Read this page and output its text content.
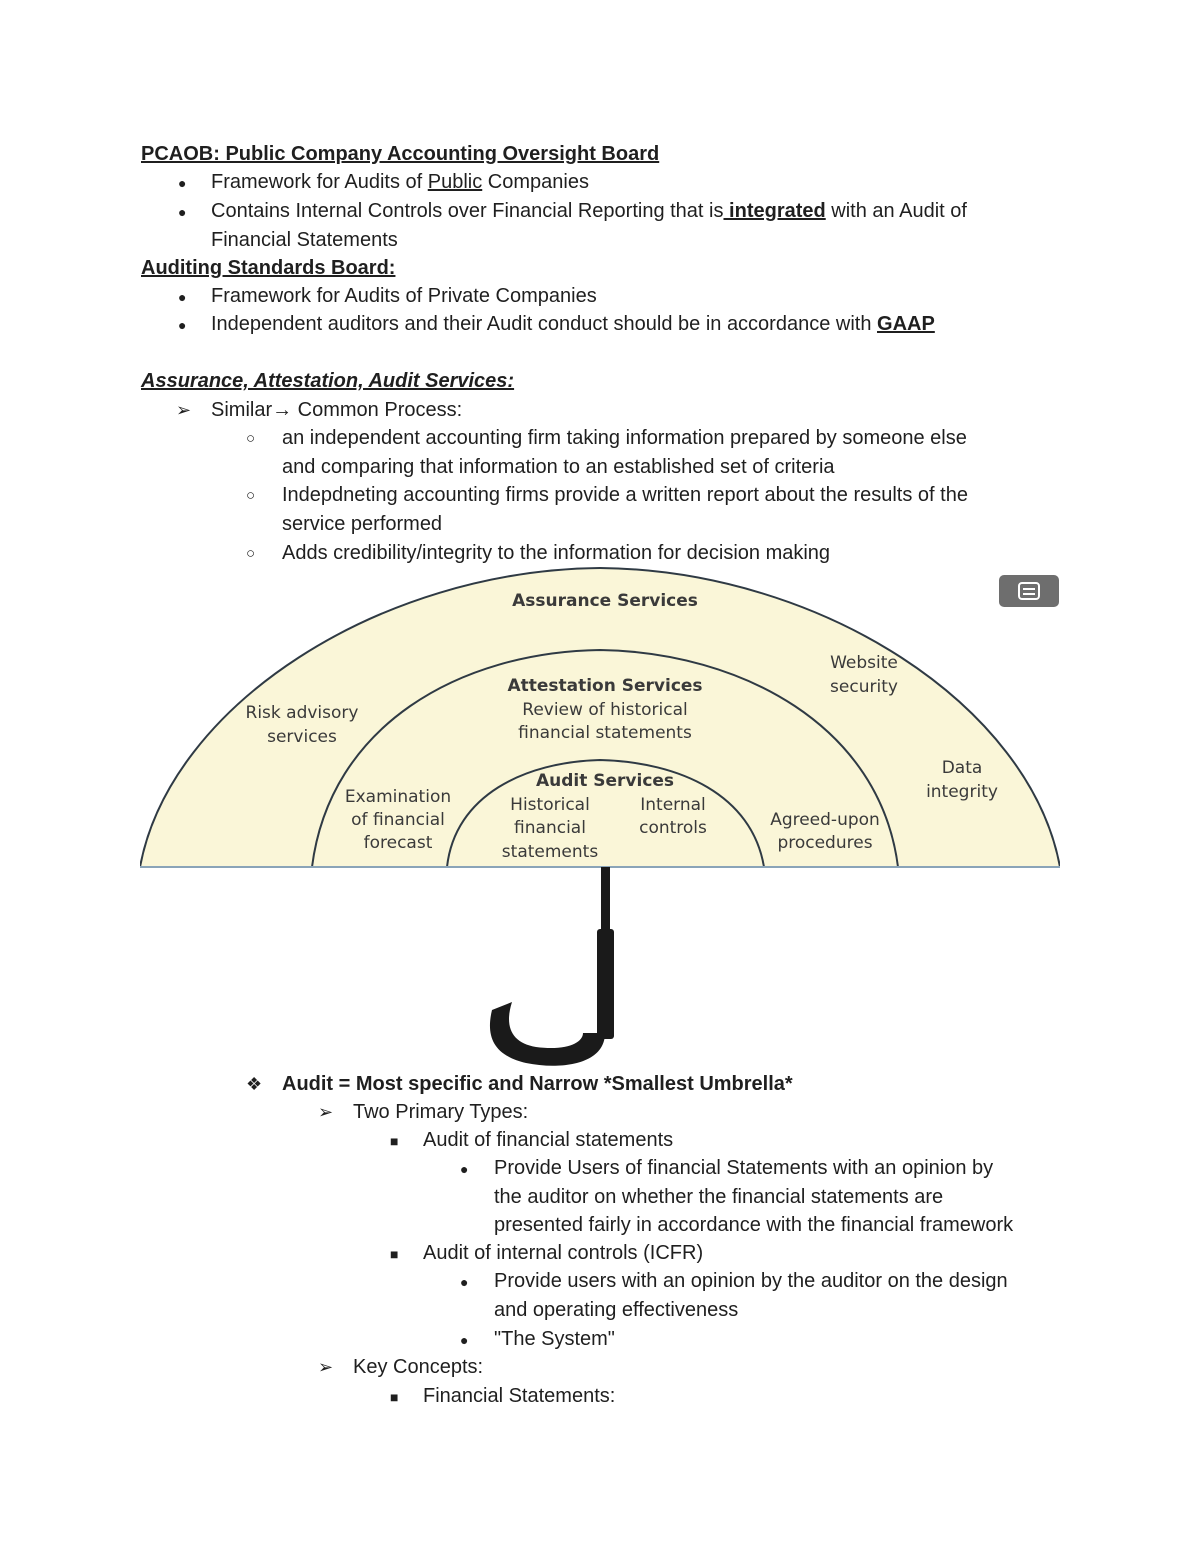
PCAOB: Public Company Accounting Oversight Board
● Framework for Audits of Public Companies
● Contains Internal Controls over Financial Reporting that is integrated with an Audit of
Financial Statements
Auditing Standards Board:
● Framework for Audits of Private Companies
● Independent auditors and their Audit conduct should be in accordance with GAAP
Assurance, Attestation, Audit Services:
➢ Similar→ Common Process:
○ an independent accounting firm taking information prepared by someone else
and comparing that information to an established set of criteria
○ Indepdneting accounting firms provide a written report about the results of the
service performed
○ Adds credibility/integrity to the information for decision making
Assurance Services
Risk advisory
services
Website
security
Data
integrity
Attestation Services
Review of historical
financial statements
Examination
of financial
forecast
Agreed-upon
procedures
Audit Services
Historical
financial
statements
Internal
controls
❖ Audit = Most specific and Narrow *Smallest Umbrella*
➢ Two Primary Types:
■ Audit of financial statements
● Provide Users of financial Statements with an opinion by
the auditor on whether the financial statements are
presented fairly in accordance with the financial framework
■ Audit of internal controls (ICFR)
● Provide users with an opinion by the auditor on the design
and operating effectiveness
● "The System"
➢ Key Concepts:
■ Financial Statements:
